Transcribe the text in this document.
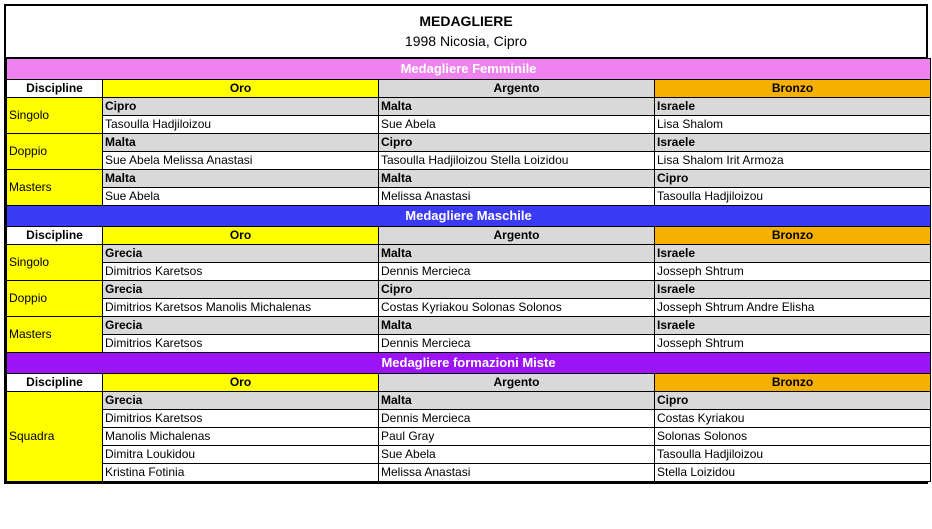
MEDAGLIERE
1998 Nicosia, Cipro
Medagliere Femminile			
Discipline	Oro	Argento	Bronzo
Singolo	Cipro	Malta	Israele
	Tasoulla Hadjiloizou	Sue Abela	Lisa Shalom
Doppio	Malta	Cipro	Israele
	Sue Abela Melissa Anastasi	Tasoulla Hadjiloizou Stella Loizidou	Lisa Shalom Irit Armoza
Masters	Malta	Malta	Cipro
	Sue Abela	Melissa Anastasi	Tasoulla Hadjiloizou
Medagliere Maschile			
Discipline	Oro	Argento	Bronzo
Singolo	Grecia	Malta	Israele
	Dimitrios Karetsos	Dennis Mercieca	Josseph Shtrum
Doppio	Grecia	Cipro	Israele
	Dimitrios Karetsos Manolis Michalenas	Costas Kyriakou Solonas Solonos	Josseph Shtrum Andre Elisha
Masters	Grecia	Malta	Israele
	Dimitrios Karetsos	Dennis Mercieca	Josseph Shtrum
Medagliere formazioni Miste			
Discipline	Oro	Argento	Bronzo
Squadra	Grecia	Malta	Cipro
	Dimitrios Karetsos	Dennis Mercieca	Costas Kyriakou
	Manolis Michalenas	Paul Gray	Solonas Solonos
	Dimitra Loukidou	Sue Abela	Tasoulla Hadjiloizou
	Kristina Fotinia	Melissa Anastasi	Stella Loizidou
